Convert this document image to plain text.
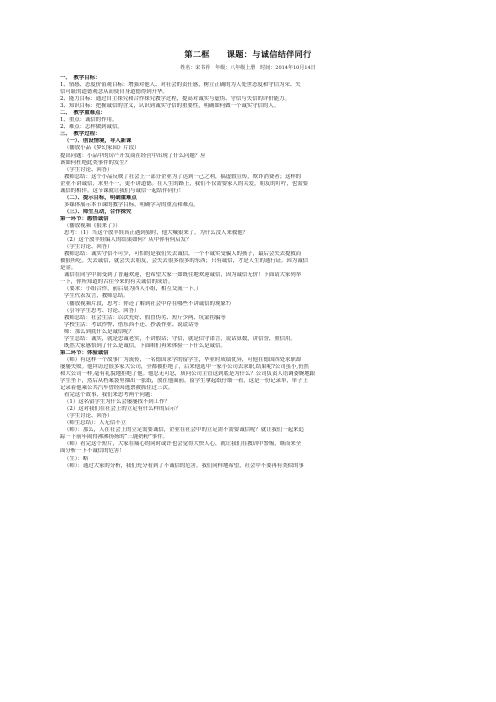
第二框　　课题：与诚信结伴同行
姓名：宋书荐　年级：八年级上册　时间：2014年10月14日
一、　教学目标：
1、情感、态度价值观目标：增强对他人、对社会的责任感，树立正确的为人处世态度和守信为荣、失
信可耻的道德观念从而使自身道德得到升华。
2、能力目标：通过自主探究和合作探究教学过程，提高对诚实与虚伪、守信与失信的评价能力。
3、知识目标：把握诚信的含义，认识到诚实守信的重要性，明确如何做一个诚实守信的人。
二、　教学重难点：
1、重点：诚信的作用。
2、难点：怎样做到诚信。
三、　教学过程：
（一）、创设情境，导入新课
（播放小品《梦幻家园》片段）
提出问题：小品中的房产开发商在经营中出现了什么问题？应
该如何杜绝此类事件的发生？
（学生讨论、回答）
教师总结：这个小品反映了社会上一部分企业为了达到一己之利，搞虚假宣传，欺诈消费者；这样的
企业不讲诚信，求里不一，更不讲道德。在人生的路上，我们不仅需要家人的关爱，朋友的叮咛，也需要
诚信的相伴。这节课就让我们与诚信一起结伴同行！
（二）、提示目标，明确重难点
多媒体展示本节课的教学目标，明确学习的重点和难点。
（三）、师生互动，合作探究
第一环节：感悟诚信
（播放视频《狼来了》）
思考：（1）当这个放羊娃真正遇到狼时，他大喊狼来了，为什么没人来救他？
（2）这个放羊娃编人的结果如何？从中你有何启发？
（学生讨论、回答）
教师总结：诚实守信不可少，可怕的是我们失去诚信，一个不诚实受骗人的孩子，最后会失去提救而
被狼所吃。失去诚信，就会失去朋友，会失去很多很多的东西；只有诚信，才是人生的通行证。因为诚信
是金。
诚信在同学中间受到了普遍欢迎，也希望大家一如既往地欢迎诚信，因为诚信无价！下面请大家列举
一下，你所知道的古往今来的有关诚信的成语。
（要求：小组合作，前后桌为四人小组，相互交流一下。）
学生代表发言，教师总结。
（播放视频片段，思考：你还了解到社会中存在哪些不讲诚信的现象?）
（引导学生思考、讨论、回答）
教师总结：社会生活：以次充好、假冒伪劣、短斤少两、坑蒙拐骗等
学校生活：考试作弊、借东西不还、抄袭作业、说谎话等
师：那么到底什么是诚信呢？
学生总结：诚实，就是忠诚老实，不讲假话；守信，就是信守诺言，说话算数，讲信誉，重信用。
既然大家感悟到了什么是诚信，下面咱们再来体验一下什么是诚信。
第二环节：体验诚信
（师）有这样一个故事广为流传，一名德国求学的留学生，毕业时成绩优异，可他在德国四处求职却
屡屡失败。他拜访过很多家大公司，全都被拒绝了，后来他选中一家小公司去求职,结果呢?公司虽小,仍然
和大公司一样,毫有礼貌地拒绝了他。他忍无可忍，质问公司主管这到底是为什么？公司负责人语调委婉地跟
学生坐下，然后从档案袋里抽出一张纸，放在他面前。留学生拿起纸仔细一看，这是一份记录单，单子上
记录着他乘公共汽车曾经因逃票被抓住过三次。
看完这个故事，我们来思考两个问题：
（1）这名留学生为什么会屡屡找不到工作？
（2）这对我们在社会上的立足有什么样的启示？
（学生讨论、回答）
（师生总结）：人无信不立
（师）：那么，人在社会上的立足需要诚信，企业在社会中的立足需不需要诚信呢？就让我们一起来追
踪一下前年闹得沸沸扬扬的“三鹿奶粉”事件。
（师）看完这个短片，大家在痛心的同时或许也会觉得大快人心，就让我们在教训中警惕，继而来全
面分析一下不诚信的危害！
（生）：略
（师）：通过大家的分析，我们充分看到了不诚信的危害，我们同样地希望，社会中不要再有类似的事
